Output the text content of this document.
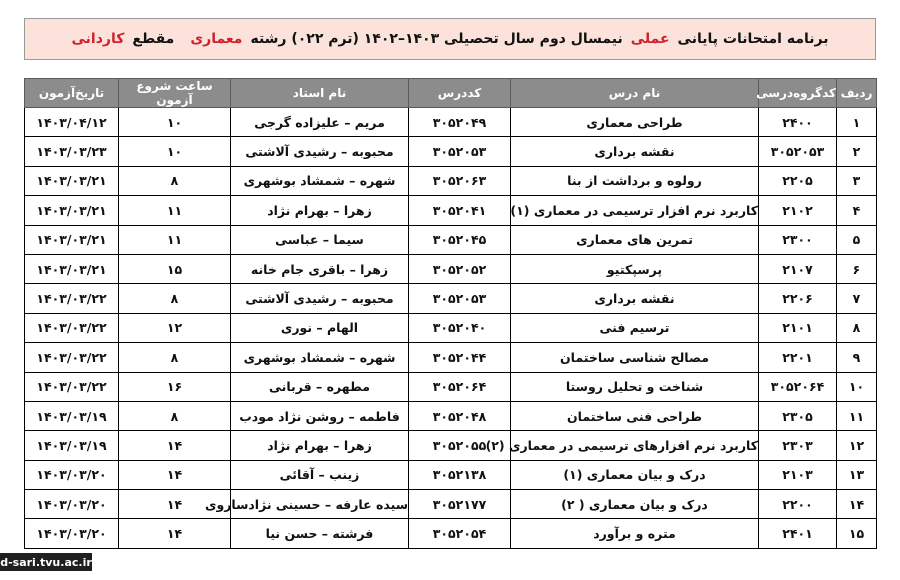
برنامه امتحانات پایانی
عملی
نیمسال دوم سال تحصیلی ۱۴۰۳–۱۴۰۲ (ترم ۰۲۲) رشته
معماری
مقطع
کاردانی
ردیف	کدگروه‌درسی	نام درس	کددرس	نام استاد	ساعت شروع آزمون	تاریخ‌آزمون
۱	۲۴۰۰	طراحی معماری	۳۰۵۲۰۴۹	مریم – علیزاده گرجی	۱۰	۱۴۰۳/۰۴/۱۲
۲	۳۰۵۲۰۵۳	نقشه برداری	۳۰۵۲۰۵۳	محبوبه – رشیدی آلاشتی	۱۰	۱۴۰۳/۰۳/۲۳
۳	۲۲۰۵	رولوه و برداشت از بنا	۳۰۵۲۰۶۳	شهره – شمشاد بوشهری	۸	۱۴۰۳/۰۳/۲۱
۴	۲۱۰۲	کاربرد نرم افزار ترسیمی در معماری (۱)	۳۰۵۲۰۴۱	زهرا – بهرام نژاد	۱۱	۱۴۰۳/۰۳/۲۱
۵	۲۳۰۰	تمرین های معماری	۳۰۵۲۰۴۵	سیما – عباسی	۱۱	۱۴۰۳/۰۳/۲۱
۶	۲۱۰۷	پرسپکتیو	۳۰۵۲۰۵۲	زهرا – باقری جام خانه	۱۵	۱۴۰۳/۰۳/۲۱
۷	۲۲۰۶	نقشه برداری	۳۰۵۲۰۵۳	محبوبه – رشیدی آلاشتی	۸	۱۴۰۳/۰۳/۲۲
۸	۲۱۰۱	ترسیم فنی	۳۰۵۲۰۴۰	الهام – نوری	۱۲	۱۴۰۳/۰۳/۲۲
۹	۲۲۰۱	مصالح شناسی ساختمان	۳۰۵۲۰۴۴	شهره – شمشاد بوشهری	۸	۱۴۰۳/۰۳/۲۲
۱۰	۳۰۵۲۰۶۴	شناخت و تحلیل روستا	۳۰۵۲۰۶۴	مطهره – قربانی	۱۶	۱۴۰۳/۰۳/۲۲
۱۱	۲۳۰۵	طراحی فنی ساختمان	۳۰۵۲۰۴۸	فاطمه – روشن نژاد مودب	۸	۱۴۰۳/۰۳/۱۹
۱۲	۲۳۰۳	کاربرد نرم افزارهای ترسیمی در معماری (۲)	۳۰۵۲۰۵۵	زهرا – بهرام نژاد	۱۴	۱۴۰۳/۰۳/۱۹
۱۳	۲۱۰۳	درک و بیان معماری (۱)	۳۰۵۲۱۳۸	زینب – آقائی	۱۴	۱۴۰۳/۰۳/۲۰
۱۴	۲۲۰۰	درک و بیان معماری ( ۲)	۳۰۵۲۱۷۷	سیده عارفه – حسینی نژادساروی	۱۴	۱۴۰۳/۰۳/۲۰
۱۵	۲۴۰۱	متره و برآورد	۳۰۵۲۰۵۴	فرشته – حسن نیا	۱۴	۱۴۰۳/۰۳/۲۰
d-sari.tvu.ac.ir
